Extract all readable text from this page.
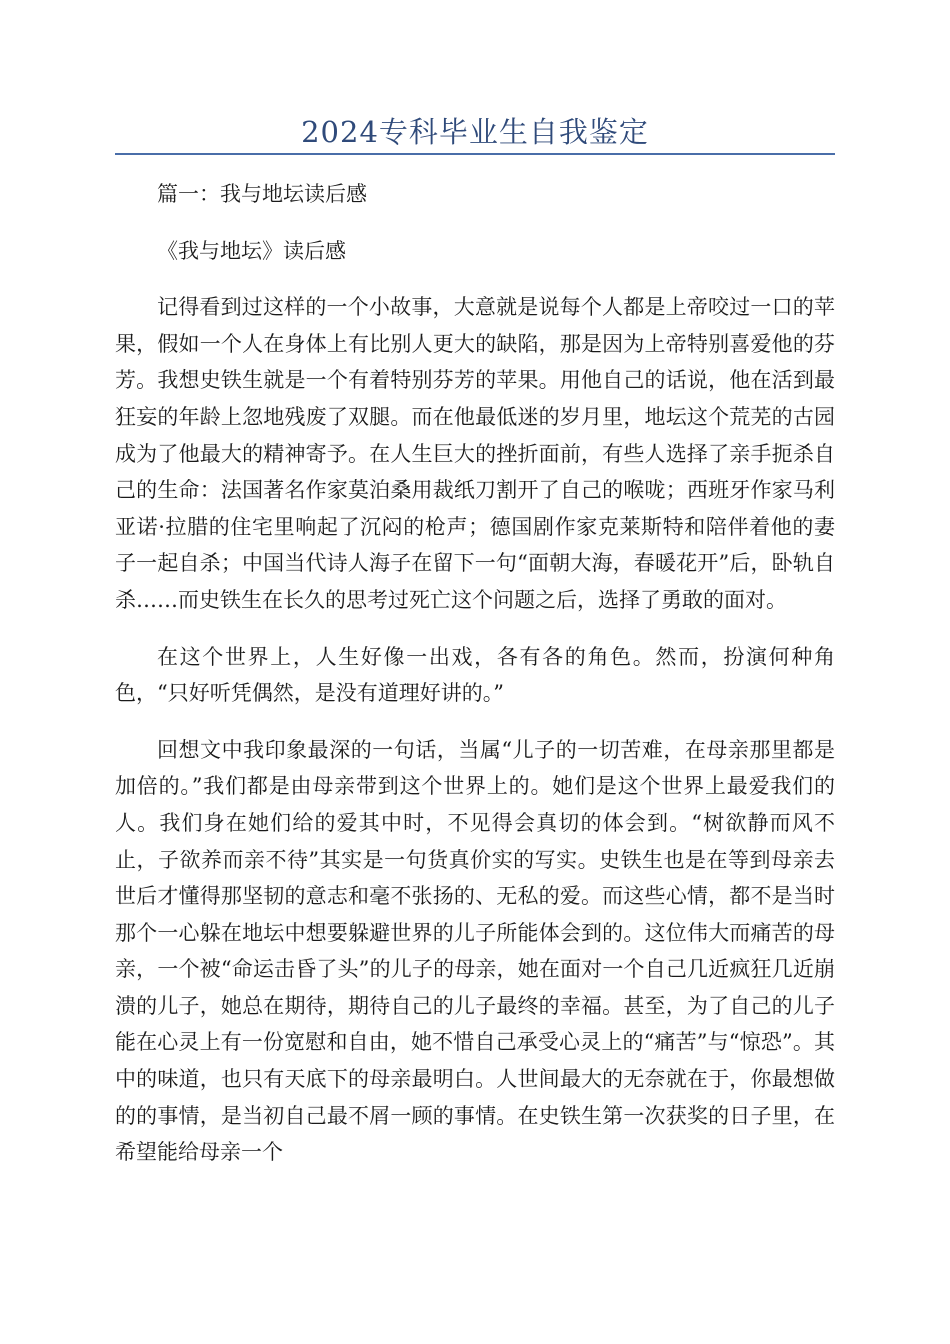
2024专科毕业生自我鉴定

篇一：我与地坛读后感

《我与地坛》读后感

记得看到过这样的一个小故事，大意就是说每个人都是上帝咬过一口的苹果，假如一个人在身体上有比别人更大的缺陷，那是因为上帝特别喜爱他的芬芳。我想史铁生就是一个有着特别芬芳的苹果。用他自己的话说，他在活到最狂妄的年龄上忽地残废了双腿。而在他最低迷的岁月里，地坛这个荒芜的古园成为了他最大的精神寄予。在人生巨大的挫折面前，有些人选择了亲手扼杀自己的生命：法国著名作家莫泊桑用裁纸刀割开了自己的喉咙；西班牙作家马利亚诺·拉腊的住宅里响起了沉闷的枪声；德国剧作家克莱斯特和陪伴着他的妻子一起自杀；中国当代诗人海子在留下一句“面朝大海，春暖花开”后，卧轨自杀……而史铁生在长久的思考过死亡这个问题之后，选择了勇敢的面对。

在这个世界上，人生好像一出戏，各有各的角色。然而，扮演何种角色，“只好听凭偶然，是没有道理好讲的。”

回想文中我印象最深的一句话，当属“儿子的一切苦难，在母亲那里都是加倍的。”我们都是由母亲带到这个世界上的。她们是这个世界上最爱我们的人。我们身在她们给的爱其中时，不见得会真切的体会到。“树欲静而风不止，子欲养而亲不待”其实是一句货真价实的写实。史铁生也是在等到母亲去世后才懂得那坚韧的意志和毫不张扬的、无私的爱。而这些心情，都不是当时那个一心躲在地坛中想要躲避世界的儿子所能体会到的。这位伟大而痛苦的母亲，一个被“命运击昏了头”的儿子的母亲，她在面对一个自己几近疯狂几近崩溃的儿子，她总在期待，期待自己的儿子最终的幸福。甚至，为了自己的儿子能在心灵上有一份宽慰和自由，她不惜自己承受心灵上的“痛苦”与“惊恐”。其中的味道，也只有天底下的母亲最明白。人世间最大的无奈就在于，你最想做的的事情，是当初自己最不屑一顾的事情。在史铁生第一次获奖的日子里，在希望能给母亲一个
